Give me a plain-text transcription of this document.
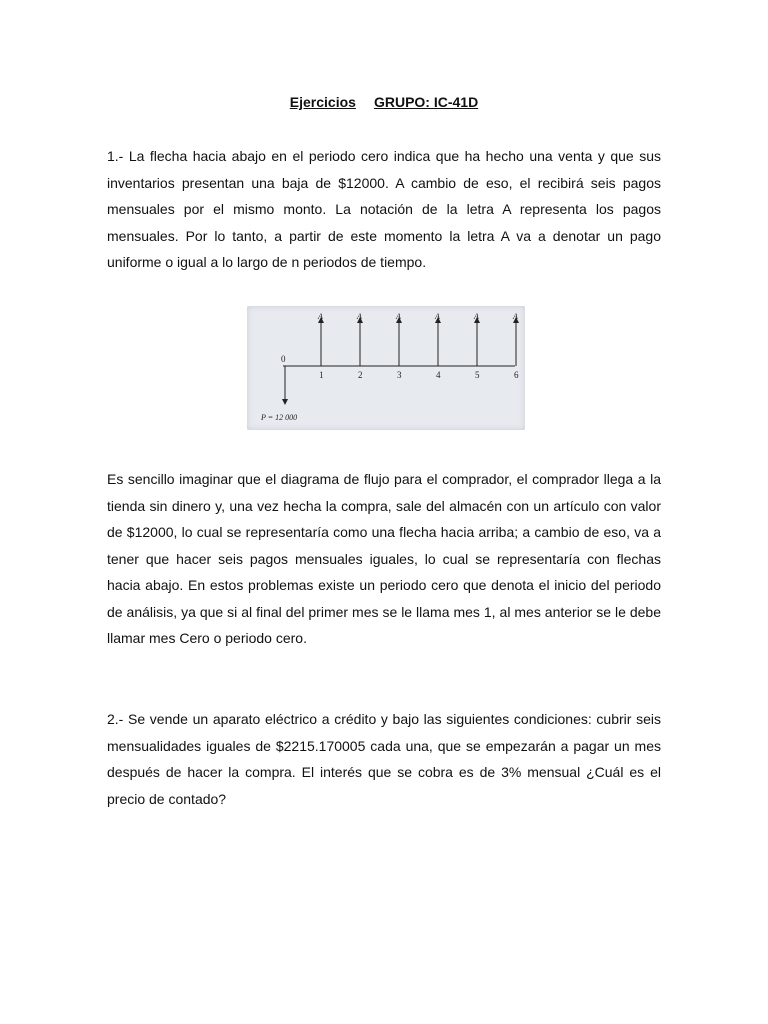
Ejercicios GRUPO: IC-41D

1.- La flecha hacia abajo en el periodo cero indica que ha hecho una venta y que sus inventarios presentan una baja de $12000. A cambio de eso, el recibirá seis pagos mensuales por el mismo monto. La notación de la letra A representa los pagos mensuales. Por lo tanto, a partir de este momento la letra A va a denotar un pago uniforme o igual a lo largo de n periodos de tiempo.

0
P = 12 000
A
1
A
2
A
3
A
4
A
5
A
6

Es sencillo imaginar que el diagrama de flujo para el comprador, el comprador llega a la tienda sin dinero y, una vez hecha la compra, sale del almacén con un artículo con valor de $12000, lo cual se representaría como una flecha hacia arriba; a cambio de eso, va a tener que hacer seis pagos mensuales iguales, lo cual se representaría con flechas hacia abajo. En estos problemas existe un periodo cero que denota el inicio del periodo de análisis, ya que si al final del primer mes se le llama mes 1, al mes anterior se le debe llamar mes Cero o periodo cero.

2.- Se vende un aparato eléctrico a crédito y bajo las siguientes condiciones: cubrir seis mensualidades iguales de $2215.170005 cada una, que se empezarán a pagar un mes después de hacer la compra. El interés que se cobra es de 3% mensual ¿Cuál es el precio de contado?
